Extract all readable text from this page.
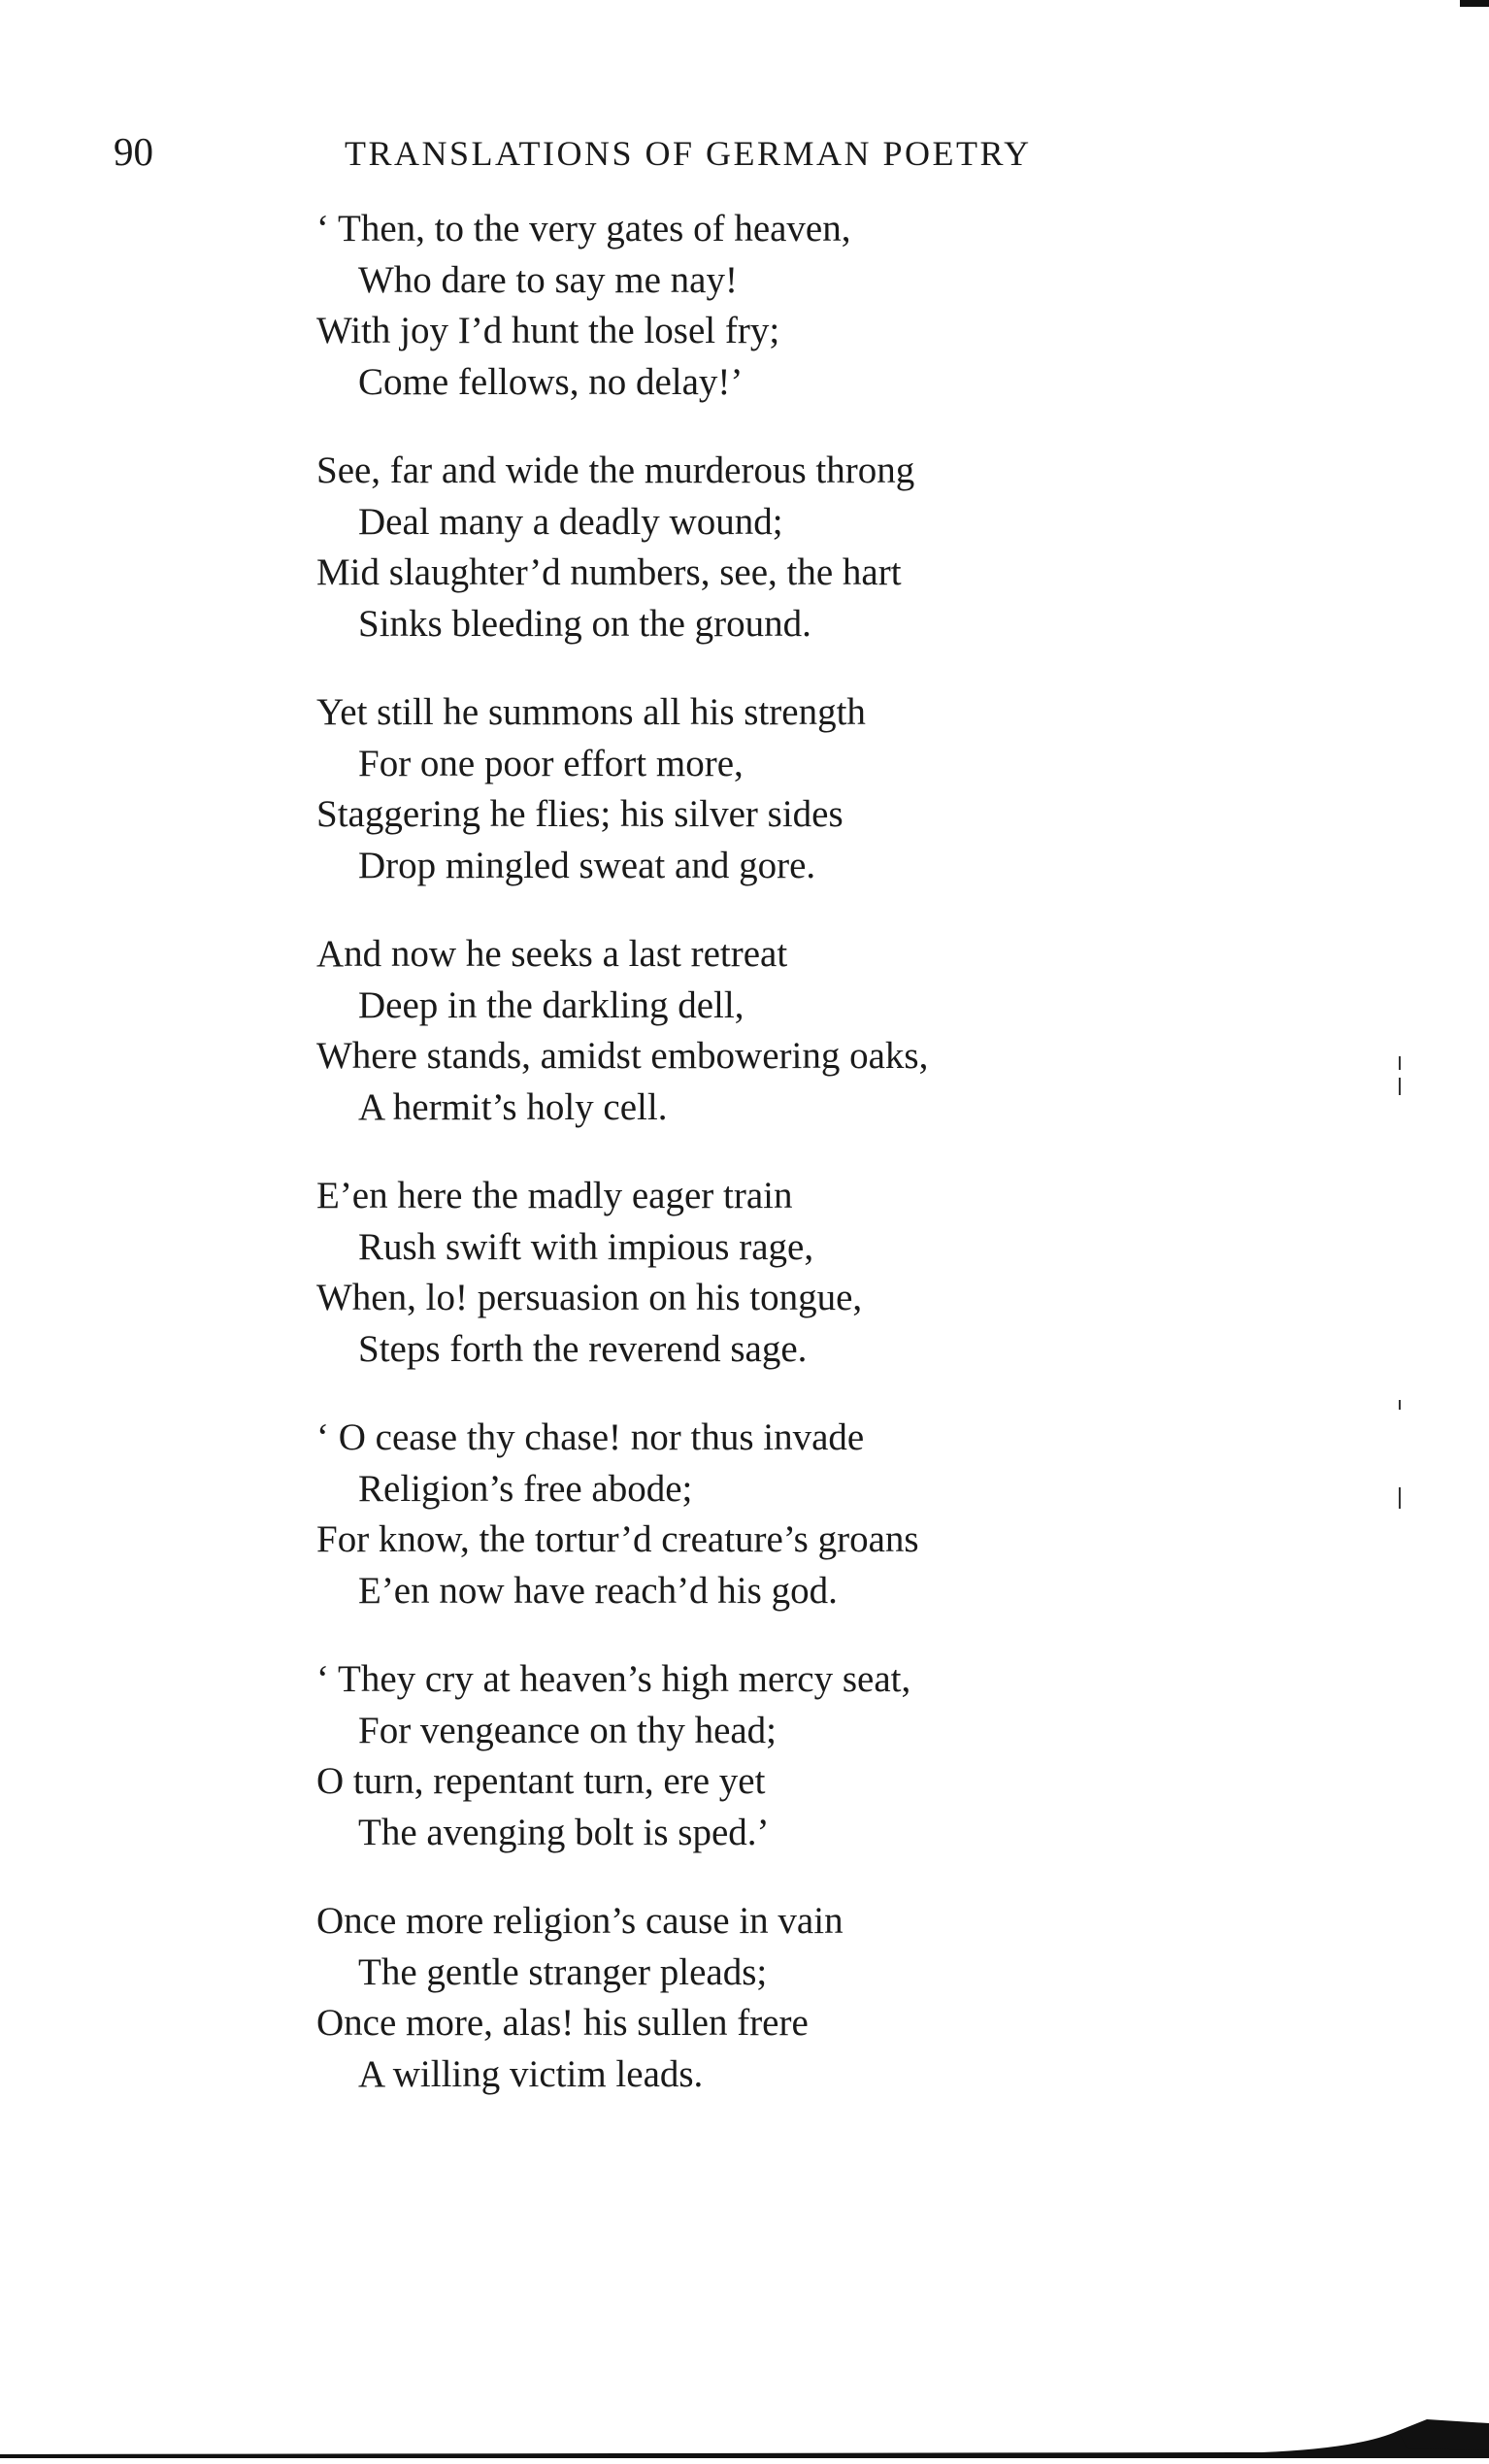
90	TRANSLATIONS OF GERMAN POETRY
‘ Then, to the very gates of heaven,
Who dare to say me nay!
With joy I’d hunt the losel fry;
Come fellows, no delay!’
See, far and wide the murderous throng
Deal many a deadly wound;
Mid slaughter’d numbers, see, the hart
Sinks bleeding on the ground.
Yet still he summons all his strength
For one poor effort more,
Staggering he flies; his silver sides
Drop mingled sweat and gore.
And now he seeks a last retreat
Deep in the darkling dell,
Where stands, amidst embowering oaks,
A hermit’s holy cell.
E’en here the madly eager train
Rush swift with impious rage,
When, lo! persuasion on his tongue,
Steps forth the reverend sage.
‘ O cease thy chase! nor thus invade
Religion’s free abode;
For know, the tortur’d creature’s groans
E’en now have reach’d his god.
‘ They cry at heaven’s high mercy seat,
For vengeance on thy head;
O turn, repentant turn, ere yet
The avenging bolt is sped.’
Once more religion’s cause in vain
The gentle stranger pleads;
Once more, alas! his sullen frere
A willing victim leads.
